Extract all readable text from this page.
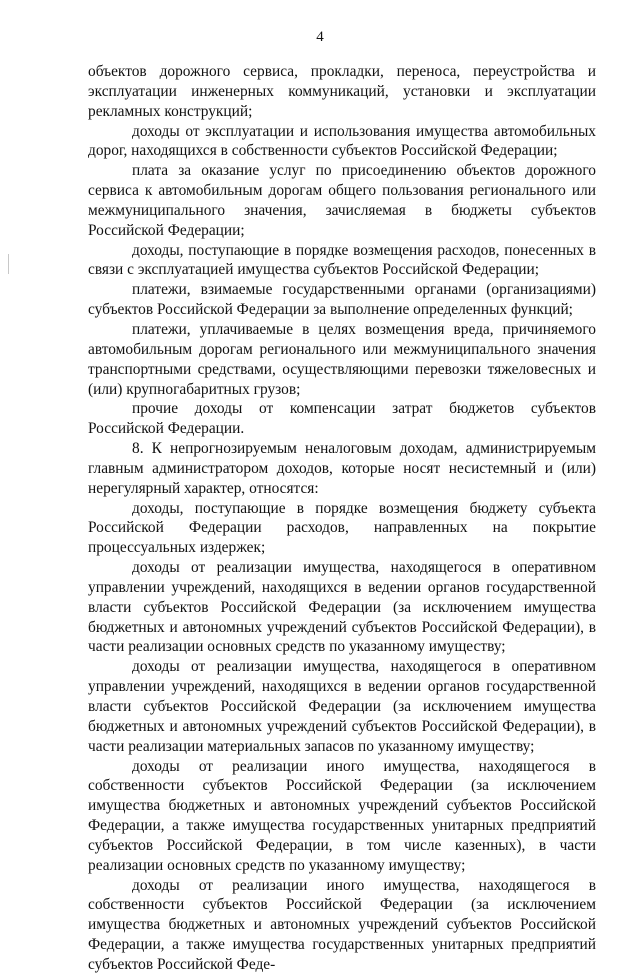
4

объектов дорожного сервиса, прокладки, переноса, переустройства и эксплуатации инженерных коммуникаций, установки и эксплуатации рекламных конструкций;

доходы от эксплуатации и использования имущества автомобильных дорог, находящихся в собственности субъектов Российской Федерации;

плата за оказание услуг по присоединению объектов дорожного сервиса к автомобильным дорогам общего пользования регионального или межмуниципального значения, зачисляемая в бюджеты субъектов Российской Федерации;

доходы, поступающие в порядке возмещения расходов, понесенных в связи с эксплуатацией имущества субъектов Российской Федерации;

платежи, взимаемые государственными органами (организациями) субъектов Российской Федерации за выполнение определенных функций;

платежи, уплачиваемые в целях возмещения вреда, причиняемого автомобильным дорогам регионального или межмуниципального значения транспортными средствами, осуществляющими перевозки тяжеловесных и (или) крупногабаритных грузов;

прочие доходы от компенсации затрат бюджетов субъектов Российской Федерации.

8. К непрогнозируемым неналоговым доходам, администрируемым главным администратором доходов, которые носят несистемный и (или) нерегулярный характер, относятся:

доходы, поступающие в порядке возмещения бюджету субъекта Российской Федерации расходов, направленных на покрытие процессуальных издержек;

доходы от реализации имущества, находящегося в оперативном управлении учреждений, находящихся в ведении органов государственной власти субъектов Российской Федерации (за исключением имущества бюджетных и автономных учреждений субъектов Российской Федерации), в части реализации основных средств по указанному имуществу;

доходы от реализации имущества, находящегося в оперативном управлении учреждений, находящихся в ведении органов государственной власти субъектов Российской Федерации (за исключением имущества бюджетных и автономных учреждений субъектов Российской Федерации), в части реализации материальных запасов по указанному имуществу;

доходы от реализации иного имущества, находящегося в собственности субъектов Российской Федерации (за исключением имущества бюджетных и автономных учреждений субъектов Российской Федерации, а также имущества государственных унитарных предприятий субъектов Российской Федерации, в том числе казенных), в части реализации основных средств по указанному имуществу;

доходы от реализации иного имущества, находящегося в собственности субъектов Российской Федерации (за исключением имущества бюджетных и автономных учреждений субъектов Российской Федерации, а также имущества государственных унитарных предприятий субъектов Российской Феде-
